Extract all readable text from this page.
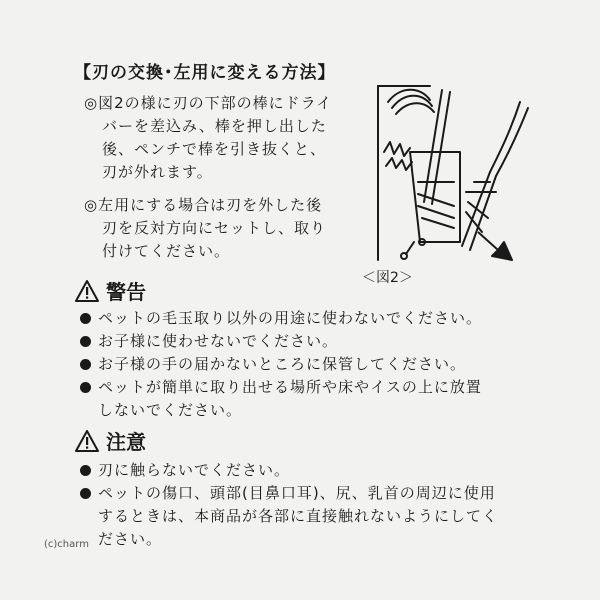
【刃の交換･左用に変える方法】
◎図2の様に刃の下部の棒にドライ
バーを差込み、棒を押し出した
後、ペンチで棒を引き抜くと、
刃が外れます。
◎左用にする場合は刃を外した後
刃を反対方向にセットし、取り
付けてください。
＜図2＞
警告
ペットの毛玉取り以外の用途に使わないでください。
お子様に使わせないでください。
お子様の手の届かないところに保管してください。
ペットが簡単に取り出せる場所や床やイスの上に放置
しないでください。
注意
刃に触らないでください。
ペットの傷口、頭部(目鼻口耳)、尻、乳首の周辺に使用
するときは、本商品が各部に直接触れないようにしてく
ださい。
(c)charm
